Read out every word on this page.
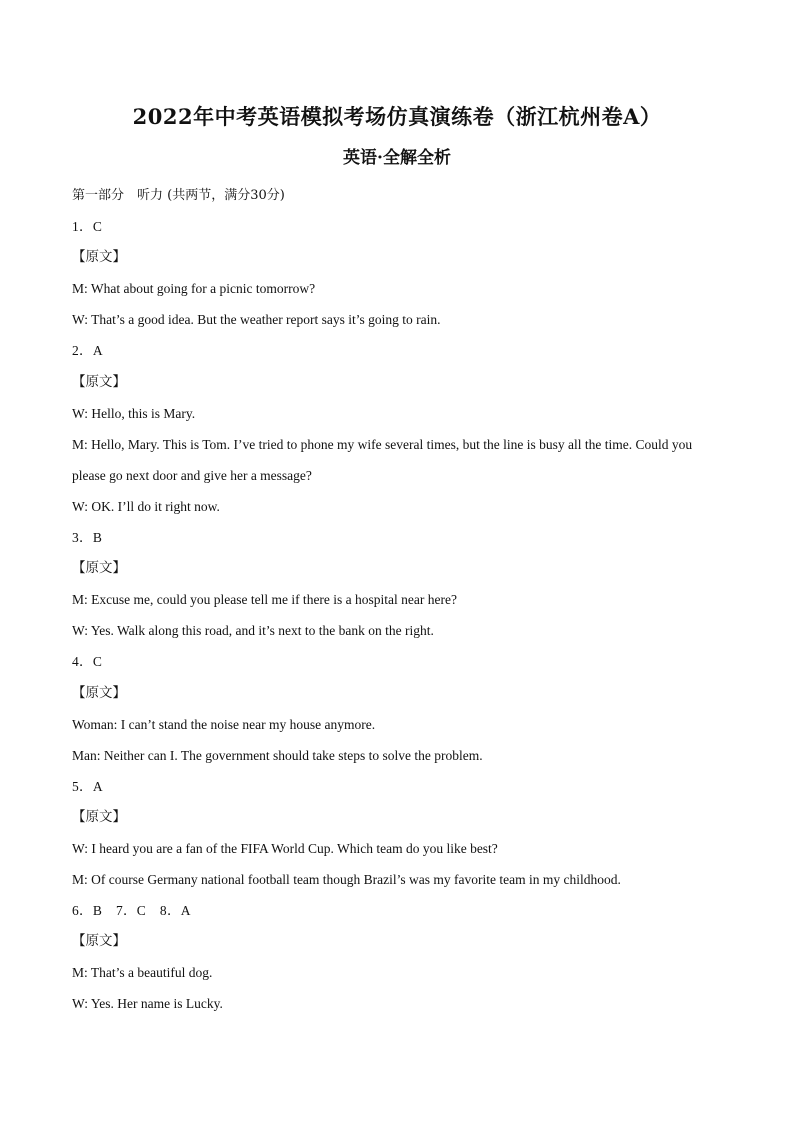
2022年中考英语模拟考场仿真演练卷（浙江杭州卷A）
英语·全解全析
第一部分　听力 (共两节，满分30分)
1．C
【原文】
M: What about going for a picnic tomorrow?
W: That’s a good idea. But the weather report says it’s going to rain.
2．A
【原文】
W: Hello, this is Mary.
M: Hello, Mary. This is Tom. I’ve tried to phone my wife several times, but the line is busy all the time. Could you
please go next door and give her a message?
W: OK. I’ll do it right now.
3．B
【原文】
M: Excuse me, could you please tell me if there is a hospital near here?
W: Yes. Walk along this road, and it’s next to the bank on the right.
4．C
【原文】
Woman: I can’t stand the noise near my house anymore.
Man: Neither can I. The government should take steps to solve the problem.
5．A
【原文】
W: I heard you are a fan of the FIFA World Cup. Which team do you like best?
M: Of course Germany national football team though Brazil’s was my favorite team in my childhood.
6．B　7．C　8．A
【原文】
M: That’s a beautiful dog.
W: Yes. Her name is Lucky.
